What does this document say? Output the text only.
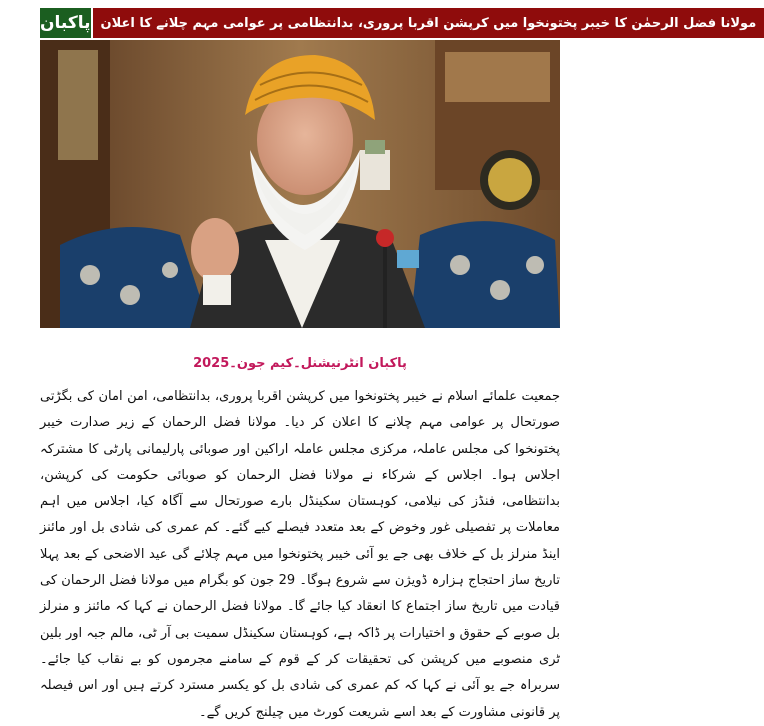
پاکبان مولانا فضل الرحمٰن کا خیبر پختونخوا میں کرپشن اقربا پروری، بدانتظامی پر عوامی مہم چلانے کا اعلان
پاکبان انٹرنیشنل۔کیم جون۔2025

جمعیت علمائے اسلام نے خیبر پختونخوا میں کرپشن اقربا پروری، بدانتظامی، امن امان کی بگڑتی صورتحال پر عوامی مہم چلانے کا اعلان کر دیا۔ مولانا فضل الرحمان کے زیر صدارت خیبر پختونخوا کی مجلس عاملہ، مرکزی مجلس عاملہ اراکین اور صوبائی پارلیمانی پارٹی کا مشترکہ اجلاس ہوا۔ اجلاس کے شرکاء نے مولانا فضل الرحمان کو صوبائی حکومت کی کرپشن، بدانتظامی، فنڈز کی نیلامی، کوہستان سکینڈل بارے صورتحال سے آگاہ کیا، اجلاس میں اہم معاملات پر تفصیلی غور وخوض کے بعد متعدد فیصلے کیے گئے۔ کم عمری کی شادی بل اور مائنز اینڈ منرلز بل کے خلاف بھی جے یو آئی خیبر پختونخوا میں مہم چلائے گی عید الاضحی کے بعد پہلا تاریخ ساز احتجاج ہزارہ ڈویژن سے شروع ہوگا۔ 29 جون کو بگرام میں مولانا فضل الرحمان کی قیادت میں تاریخ ساز اجتماع کا انعقاد کیا جائے گا۔ مولانا فضل الرحمان نے کہا کہ مائنز و منرلز بل صوبے کے حقوق و اختیارات پر ڈاکہ ہے، کوہستان سکینڈل سمیت بی آر ٹی، مالم جبہ اور بلین ٹری منصوبے میں کرپشن کی تحقیقات کر کے قوم کے سامنے مجرموں کو بے نقاب کیا جائے۔ سربراہ جے یو آئی نے کہا کہ کم عمری کی شادی بل کو یکسر مسترد کرتے ہیں اور اس فیصلہ پر قانونی مشاورت کے بعد اسے شریعت کورٹ میں چیلنج کریں گے۔
